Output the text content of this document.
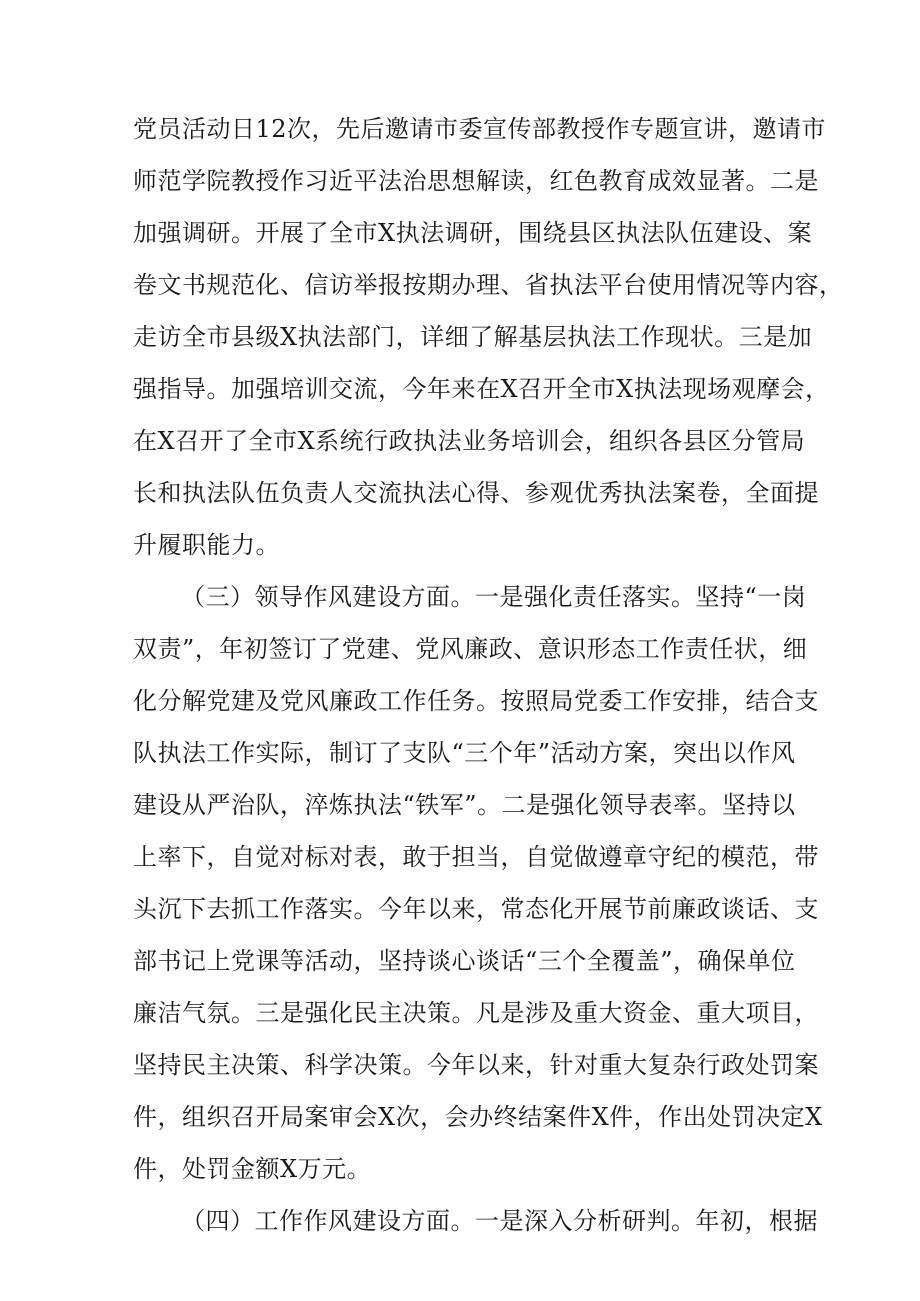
党员活动日12次，先后邀请市委宣传部教授作专题宣讲，邀请市

师范学院教授作习近平法治思想解读，红色教育成效显著。二是

加强调研。开展了全市X执法调研，围绕县区执法队伍建设、案

卷文书规范化、信访举报按期办理、省执法平台使用情况等内容，

走访全市县级X执法部门，详细了解基层执法工作现状。三是加

强指导。加强培训交流，今年来在X召开全市X执法现场观摩会，

在X召开了全市X系统行政执法业务培训会，组织各县区分管局

长和执法队伍负责人交流执法心得、参观优秀执法案卷，全面提

升履职能力。

（三）领导作风建设方面。一是强化责任落实。坚持“一岗

双责”，年初签订了党建、党风廉政、意识形态工作责任状，细

化分解党建及党风廉政工作任务。按照局党委工作安排，结合支

队执法工作实际，制订了支队“三个年”活动方案，突出以作风

建设从严治队，淬炼执法“铁军”。二是强化领导表率。坚持以

上率下，自觉对标对表，敢于担当，自觉做遵章守纪的模范，带

头沉下去抓工作落实。今年以来，常态化开展节前廉政谈话、支

部书记上党课等活动，坚持谈心谈话“三个全覆盖”，确保单位

廉洁气氛。三是强化民主决策。凡是涉及重大资金、重大项目，

坚持民主决策、科学决策。今年以来，针对重大复杂行政处罚案

件，组织召开局案审会X次，会办终结案件X件，作出处罚决定X

件，处罚金额X万元。

（四）工作作风建设方面。一是深入分析研判。年初，根据
